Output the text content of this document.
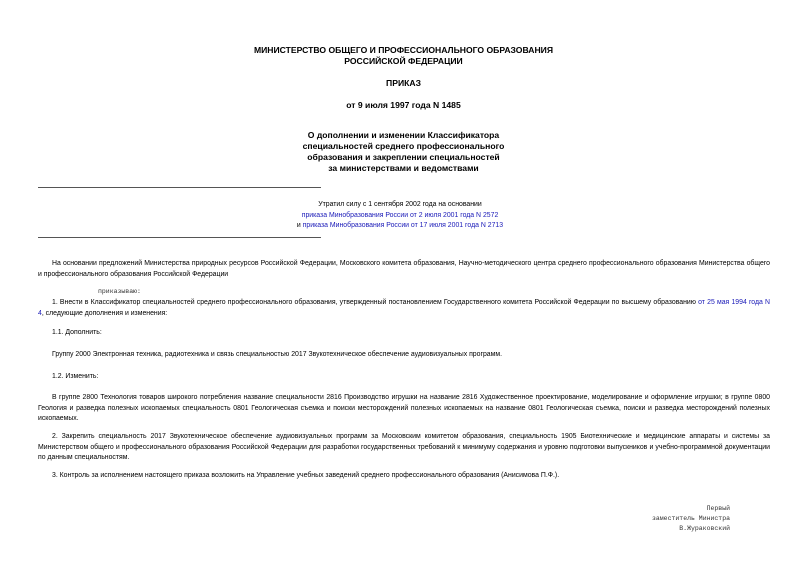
МИНИСТЕРСТВО ОБЩЕГО И ПРОФЕССИОНАЛЬНОГО ОБРАЗОВАНИЯ
РОССИЙСКОЙ ФЕДЕРАЦИИ
ПРИКАЗ
от 9 июля 1997 года N 1485
О дополнении и изменении Классификатора
специальностей среднего профессионального
образования и закреплении специальностей
за министерствами и ведомствами
Утратил силу с 1 сентября 2002 года на основании
приказа Минобразования России от 2 июля 2001 года N 2572
и приказа Минобразования России от 17 июля 2001 года N 2713
На основании предложений Министерства природных ресурсов Российской Федерации, Московского комитета образования, Научно-методического центра среднего профессионального образования Министерства общего и профессионального образования Российской Федерации
приказываю:
1. Внести в Классификатор специальностей среднего профессионального образования, утвержденный постановлением Государственного комитета Российской Федерации по высшему образованию от 25 мая 1994 года N 4, следующие дополнения и изменения:
1.1. Дополнить:
Группу 2000 Электронная техника, радиотехника и связь специальностью 2017 Звукотехническое обеспечение аудиовизуальных программ.
1.2. Изменить:
В группе 2800 Технология товаров широкого потребления название специальности 2816 Производство игрушки на название 2816 Художественное проектирование, моделирование и оформление игрушки; в группе 0800 Геология и разведка полезных ископаемых специальность 0801 Геологическая съемка и поиски месторождений полезных ископаемых на название 0801 Геологическая съемка, поиски и разведка месторождений полезных ископаемых.
2. Закрепить специальность 2017 Звукотехническое обеспечение аудиовизуальных программ за Московским комитетом образования, специальность 1905 Биотехнические и медицинские аппараты и системы за Министерством общего и профессионального образования Российской Федерации для разработки государственных требований к минимуму содержания и уровню подготовки выпускников и учебно-программной документации по данным специальностям.
3. Контроль за исполнением настоящего приказа возложить на Управление учебных заведений среднего профессионального образования (Анисимова П.Ф.).
Первый
заместитель Министра
В.Жураковский
